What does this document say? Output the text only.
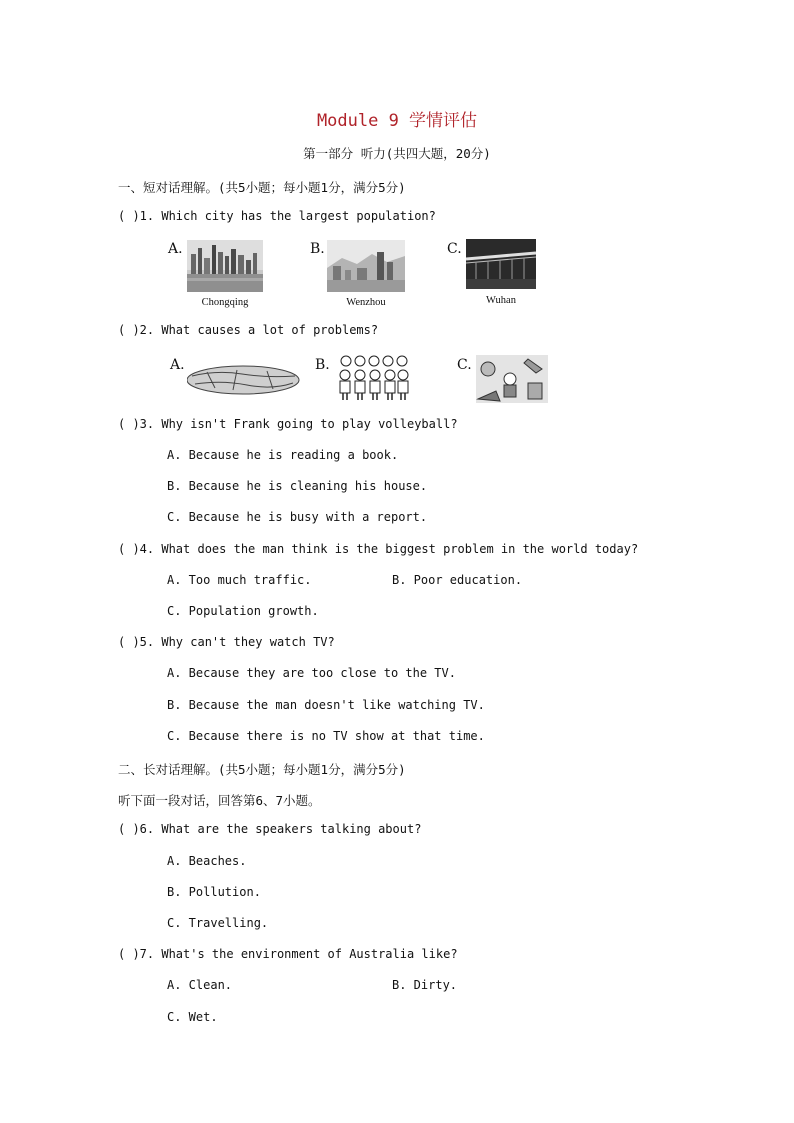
Module 9 学情评估
第一部分 听力(共四大题，20分)
一、短对话理解。(共5小题；每小题1分，满分5分)
( )1. Which city has the largest population?
A.
Chongqing
B.
Wenzhou
C.
Wuhan
( )2. What causes a lot of problems?
A.	B.	C.
( )3. Why isn't Frank going to play volleyball?
A. Because he is reading a book.
B. Because he is cleaning his house.
C. Because he is busy with a report.
( )4. What does the man think is the biggest problem in the world today?
A. Too much traffic.	B. Poor education.
C. Population growth.
( )5. Why can't they watch TV?
A. Because they are too close to the TV.
B. Because the man doesn't like watching TV.
C. Because there is no TV show at that time.
二、长对话理解。(共5小题；每小题1分，满分5分)
听下面一段对话，回答第6、7小题。
( )6. What are the speakers talking about?
A. Beaches.
B. Pollution.
C. Travelling.
( )7. What's the environment of Australia like?
A. Clean.	B. Dirty.
C. Wet.
